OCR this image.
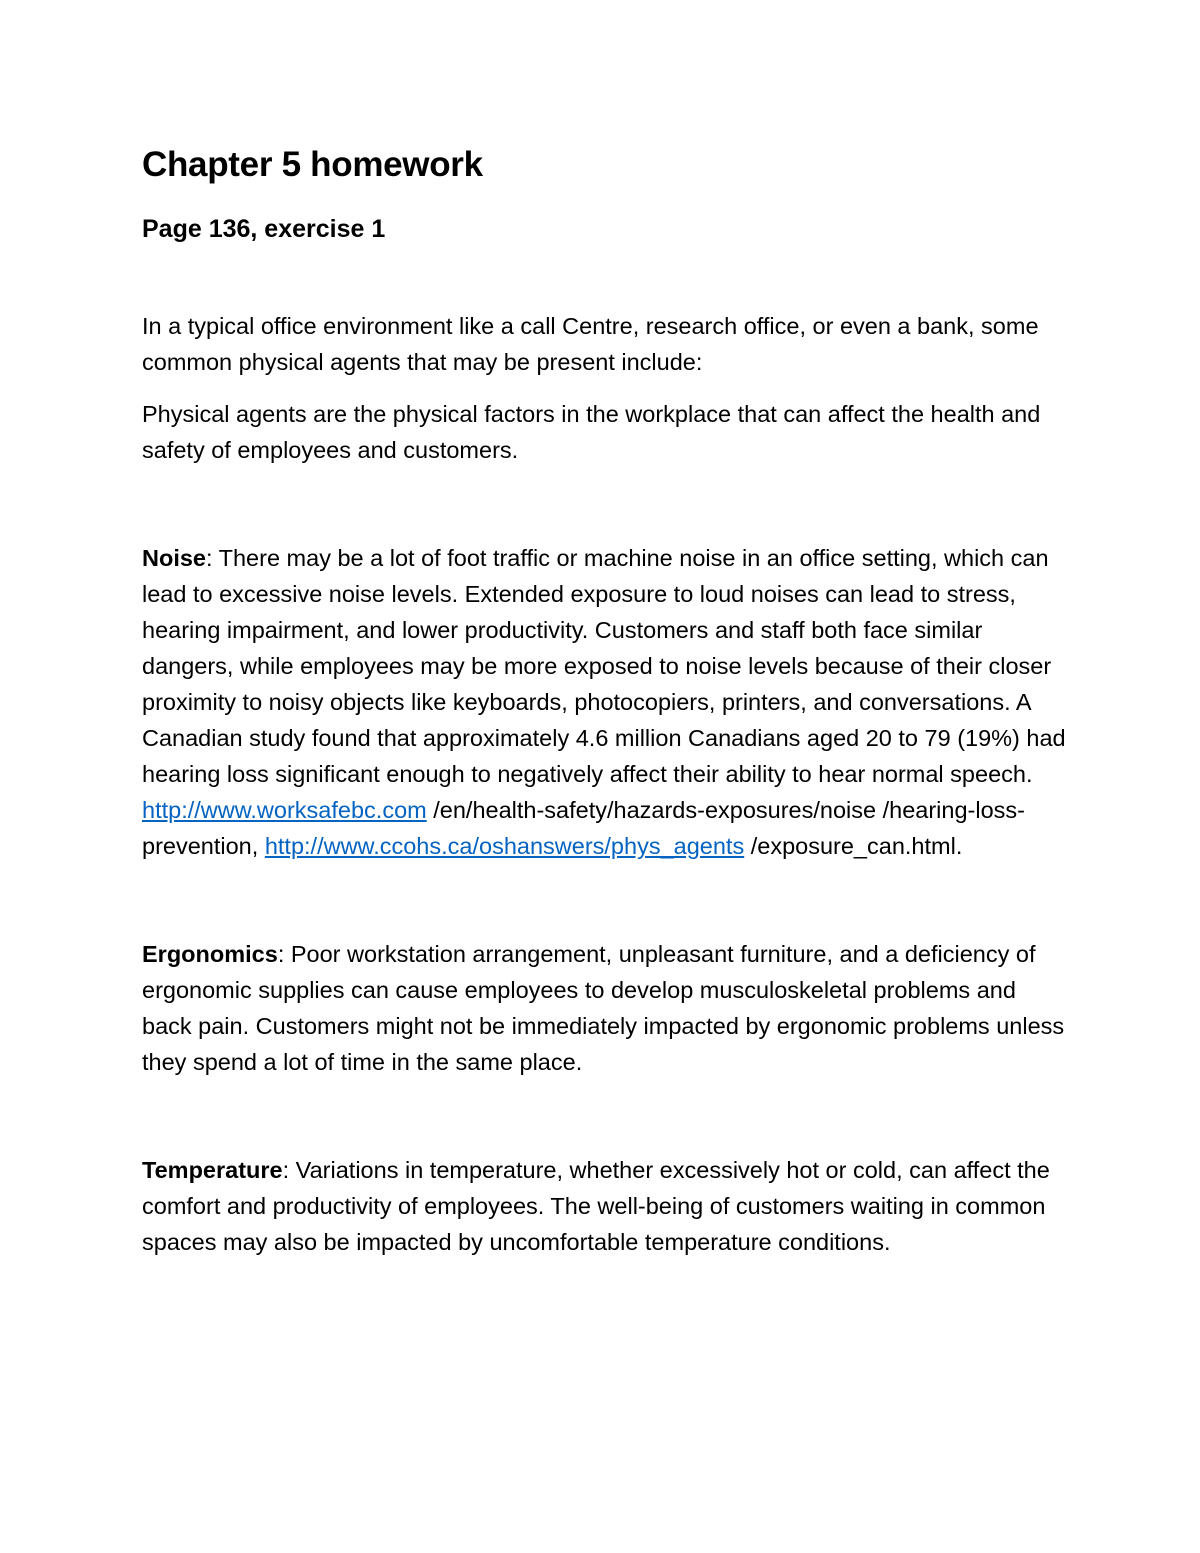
Chapter 5 homework
Page 136, exercise 1

In a typical office environment like a call Centre, research office, or even a bank, some common physical agents that may be present include:

Physical agents are the physical factors in the workplace that can affect the health and safety of employees and customers.

Noise: There may be a lot of foot traffic or machine noise in an office setting, which can lead to excessive noise levels. Extended exposure to loud noises can lead to stress, hearing impairment, and lower productivity. Customers and staff both face similar dangers, while employees may be more exposed to noise levels because of their closer proximity to noisy objects like keyboards, photocopiers, printers, and conversations. A Canadian study found that approximately 4.6 million Canadians aged 20 to 79 (19%) had hearing loss significant enough to negatively affect their ability to hear normal speech. http://www.worksafebc.com /en/health-safety/hazards-exposures/noise /hearing-loss-prevention, http://www.ccohs.ca/oshanswers/phys_agents /exposure_can.html.

Ergonomics: Poor workstation arrangement, unpleasant furniture, and a deficiency of ergonomic supplies can cause employees to develop musculoskeletal problems and back pain. Customers might not be immediately impacted by ergonomic problems unless they spend a lot of time in the same place.

Temperature: Variations in temperature, whether excessively hot or cold, can affect the comfort and productivity of employees. The well-being of customers waiting in common spaces may also be impacted by uncomfortable temperature conditions.
